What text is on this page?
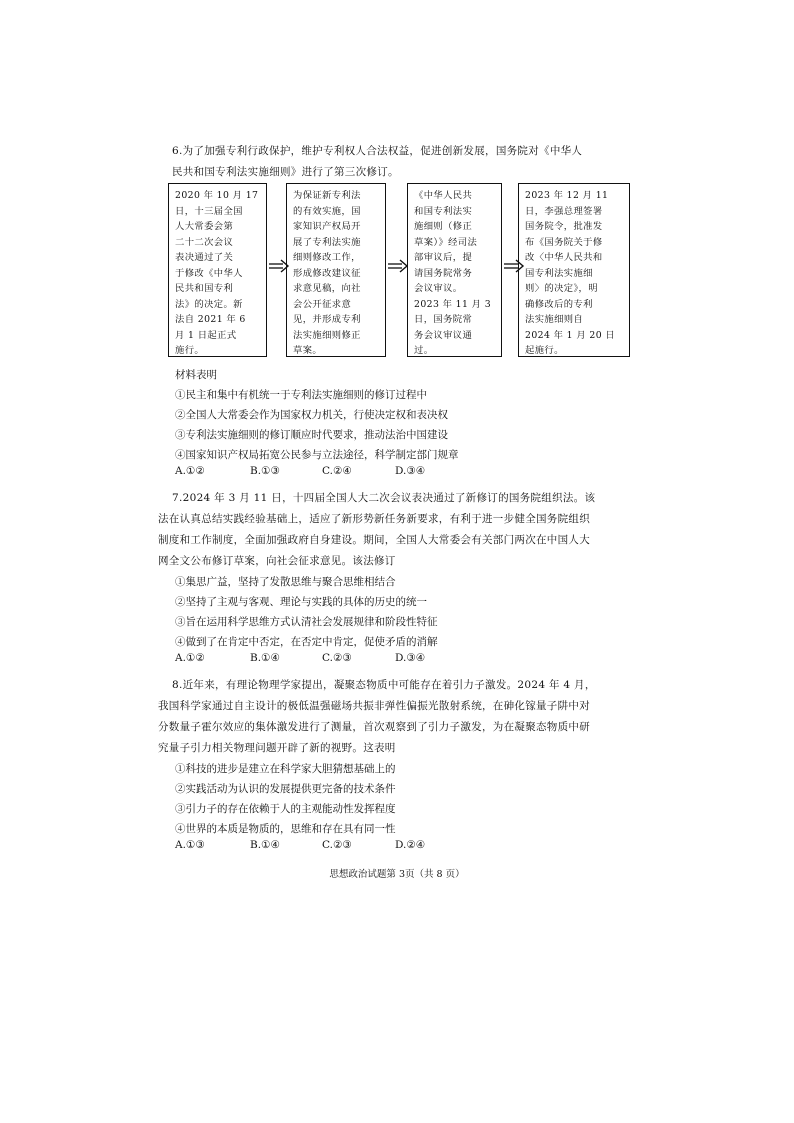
6.为了加强专利行政保护，维护专利权人合法权益，促进创新发展，国务院对《中华人
民共和国专利法实施细则》进行了第三次修订。
2020 年 10 月 17
日，十三届全国
人大常委会第
二十二次会议
表决通过了关
于修改《中华人
民共和国专利
法》的决定。新
法自 2021 年 6
月 1 日起正式
施行。
为保证新专利法
的有效实施，国
家知识产权局开
展了专利法实施
细则修改工作，
形成修改建议征
求意见稿，向社
会公开征求意
见，并形成专利
法实施细则修正
草案。
《中华人民共
和国专利法实
施细则（修正
草案）》经司法
部审议后，提
请国务院常务
会议审议。
2023 年 11 月 3
日，国务院常
务会议审议通
过。
2023 年 12 月 11
日，李强总理签署
国务院令，批准发
布《国务院关于修
改〈中华人民共和
国专利法实施细
则〉的决定》，明
确修改后的专利
法实施细则自
2024 年 1 月 20 日
起施行。
材料表明
①民主和集中有机统一于专利法实施细则的修订过程中
②全国人大常委会作为国家权力机关，行使决定权和表决权
③专利法实施细则的修订顺应时代要求，推动法治中国建设
④国家知识产权局拓宽公民参与立法途径，科学制定部门规章
A.①②	B.①③	C.②④	D.③④
7.2024 年 3 月 11 日，十四届全国人大二次会议表决通过了新修订的国务院组织法。该
法在认真总结实践经验基础上，适应了新形势新任务新要求，有利于进一步健全国务院组织
制度和工作制度，全面加强政府自身建设。期间，全国人大常委会有关部门两次在中国人大
网全文公布修订草案，向社会征求意见。该法修订
①集思广益，坚持了发散思维与聚合思维相结合
②坚持了主观与客观、理论与实践的具体的历史的统一
③旨在运用科学思维方式认清社会发展规律和阶段性特征
④做到了在肯定中否定，在否定中肯定，促使矛盾的消解
A.①②	B.①④	C.②③	D.③④
8.近年来，有理论物理学家提出，凝聚态物质中可能存在着引力子激发。2024 年 4 月，
我国科学家通过自主设计的极低温强磁场共振非弹性偏振光散射系统，在砷化镓量子阱中对
分数量子霍尔效应的集体激发进行了测量，首次观察到了引力子激发，为在凝聚态物质中研
究量子引力相关物理问题开辟了新的视野。这表明
①科技的进步是建立在科学家大胆猜想基础上的
②实践活动为认识的发展提供更完备的技术条件
③引力子的存在依赖于人的主观能动性发挥程度
④世界的本质是物质的，思维和存在具有同一性
A.①③	B.①④	C.②③	D.②④
思想政治试题第 3页（共 8 页）
